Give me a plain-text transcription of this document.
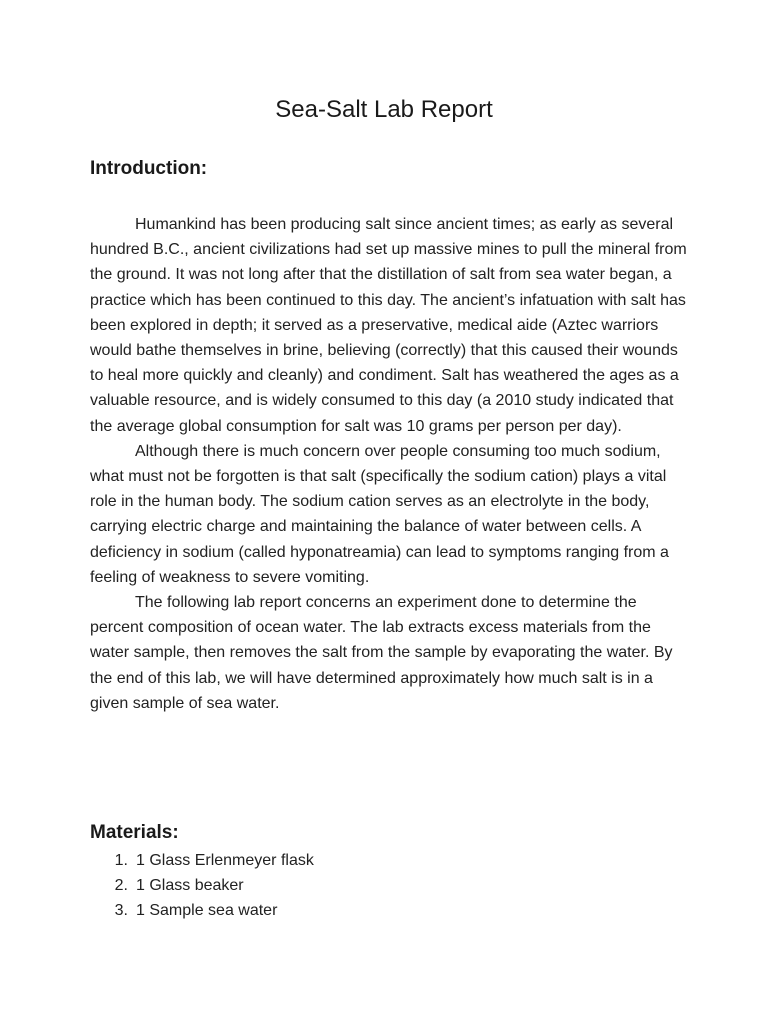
Sea-Salt Lab Report
Introduction:

Humankind has been producing salt since ancient times; as early as several hundred B.C., ancient civilizations had set up massive mines to pull the mineral from the ground. It was not long after that the distillation of salt from sea water began, a practice which has been continued to this day. The ancient’s infatuation with salt has been explored in depth; it served as a preservative, medical aide (Aztec warriors would bathe themselves in brine, believing (correctly) that this caused their wounds to heal more quickly and cleanly) and condiment. Salt has weathered the ages as a valuable resource, and is widely consumed to this day (a 2010 study indicated that the average global consumption for salt was 10 grams per person per day).

Although there is much concern over people consuming too much sodium, what must not be forgotten is that salt (specifically the sodium cation) plays a vital role in the human body. The sodium cation serves as an electrolyte in the body, carrying electric charge and maintaining the balance of water between cells. A deficiency in sodium (called hyponatreamia) can lead to symptoms ranging from a feeling of weakness to severe vomiting.

The following lab report concerns an experiment done to determine the percent composition of ocean water. The lab extracts excess materials from the water sample, then removes the salt from the sample by evaporating the water. By the end of this lab, we will have determined approximately how much salt is in a given sample of sea water.

Materials:
1. 1 Glass Erlenmeyer flask
2. 1 Glass beaker
3. 1 Sample sea water
